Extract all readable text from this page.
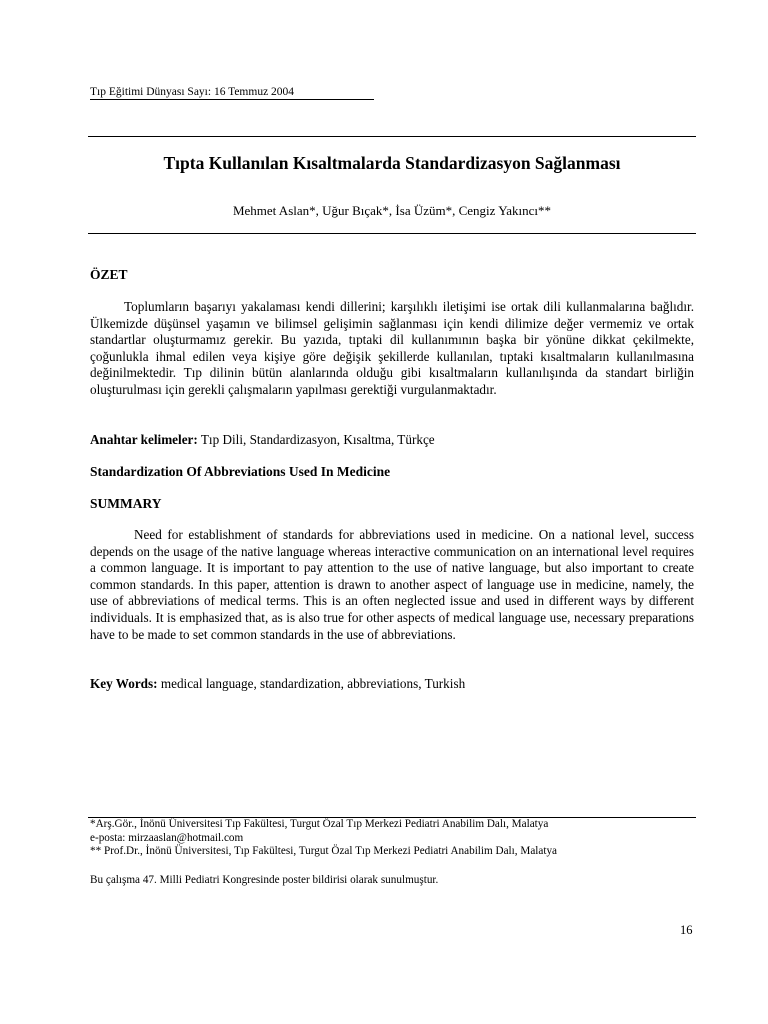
Tıp Eğitimi Dünyası Sayı: 16 Temmuz 2004
Tıpta Kullanılan Kısaltmalarda Standardizasyon Sağlanması
Mehmet Aslan*, Uğur Bıçak*, İsa Üzüm*, Cengiz Yakıncı**
ÖZET
Toplumların başarıyı yakalaması kendi dillerini; karşılıklı iletişimi ise ortak dili kullanmalarına bağlıdır. Ülkemizde düşünsel yaşamın ve bilimsel gelişimin sağlanması için kendi dilimize değer vermemiz ve ortak standartlar oluşturmamız gerekir. Bu yazıda, tıptaki dil kullanımının başka bir yönüne dikkat çekilmekte, çoğunlukla ihmal edilen veya kişiye göre değişik şekillerde kullanılan, tıptaki kısaltmaların kullanılmasına değinilmektedir. Tıp dilinin bütün alanlarında olduğu gibi kısaltmaların kullanılışında da standart birliğin oluşturulması için gerekli çalışmaların yapılması gerektiği vurgulanmaktadır.
Anahtar kelimeler: Tıp Dili, Standardizasyon, Kısaltma, Türkçe
Standardization Of Abbreviations Used In Medicine
SUMMARY
Need for establishment of standards for abbreviations used in medicine. On a national level, success depends on the usage of the native language whereas interactive communication on an international level requires a common language. It is important to pay attention to the use of native language, but also important to create common standards. In this paper, attention is drawn to another aspect of language use in medicine, namely, the use of abbreviations of medical terms. This is an often neglected issue and used in different ways by different individuals. It is emphasized that, as is also true for other aspects of medical language use, necessary preparations have to be made to set common standards in the use of abbreviations.
Key Words: medical language, standardization, abbreviations, Turkish
*Arş.Gör., İnönü Üniversitesi Tıp Fakültesi, Turgut Özal Tıp Merkezi Pediatri Anabilim Dalı, Malatya
e-posta: mirzaaslan@hotmail.com
** Prof.Dr., İnönü Üniversitesi, Tıp Fakültesi, Turgut Özal Tıp Merkezi Pediatri Anabilim Dalı, Malatya
Bu çalışma 47. Milli Pediatri Kongresinde poster bildirisi olarak sunulmuştur.
16
